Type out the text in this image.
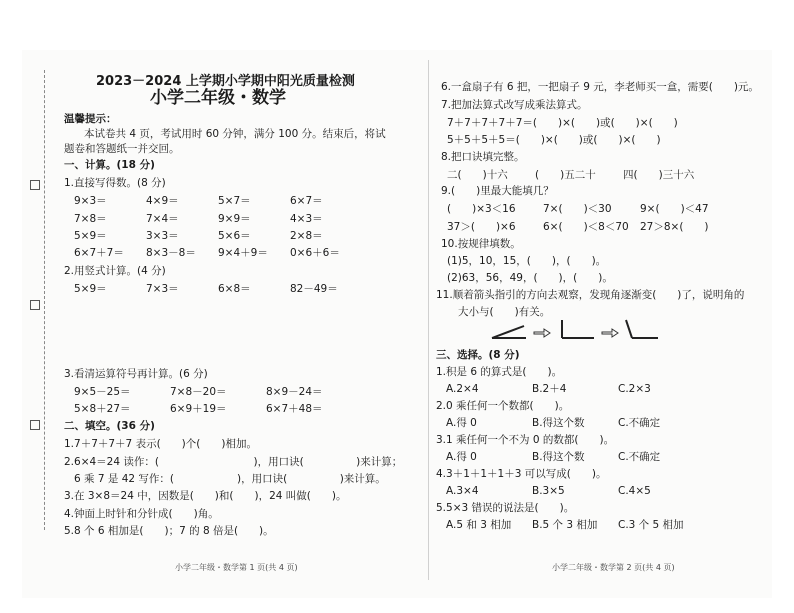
2023－2024 上学期小学期中阳光质量检测
小学二年级・数学
温馨提示：
本试卷共 4 页，考试用时 60 分钟，满分 100 分。结束后，将试
题卷和答题纸一并交回。
一、计算。(18 分)
1.直接写得数。(8 分)
9×3＝	4×9＝	5×7＝	6×7＝
7×8＝	7×4＝	9×9＝	4×3＝
5×9＝	3×3＝	5×6＝	2×8＝
6×7＋7＝ 8×3－8＝ 9×4＋9＝ 0×6＋6＝
2.用竖式计算。(4 分)
5×9＝	7×3＝	6×8＝	82－49＝
3.看清运算符号再计算。(6 分)
9×5－25＝	7×8－20＝	8×9－24＝
5×8＋27＝	6×9＋19＝	6×7＋48＝
二、填空。(36 分)
1.7＋7＋7＋7 表示(　　)个(　　)相加。
2.6×4＝24 读作：(　　　　　　　　　)，用口诀(　　　　　)来计算；
6 乘 7 是 42 写作：(　　　　　　)，用口诀(　　　　　)来计算。
3.在 3×8＝24 中，因数是(　　)和(　　)，24 叫做(　　)。
4.钟面上时针和分针成(　　)角。
5.8 个 6 相加是(　　)；7 的 8 倍是(　　)。
小学二年级・数学第 1 页(共 4 页)
6.一盒扇子有 6 把，一把扇子 9 元，李老师买一盒，需要(　　)元。
7.把加法算式改写成乘法算式。
7＋7＋7＋7＋7＝(　　)×(　　)或(　　)×(　　)
5＋5＋5＋5＝(　　)×(　　)或(　　)×(　　)
8.把口诀填完整。
二(　　)十六	(　　)五二十	四(　　)三十六
9.(　　)里最大能填几？
(　　)×3＜16	7×(　　)＜30	9×(　　)＜47
37＞(　　)×6	6×(　　)＜8＜70 27＞8×(　　)
10.按规律填数。
(1)5，10，15，(　　)，(　　)。
(2)63，56，49，(　　)，(　　)。
11.顺着箭头指引的方向去观察，发现角逐渐变(　　)了，说明角的
大小与(　　)有关。
三、选择。(8 分)
1.积是 6 的算式是(　　)。
A.2×4	B.2＋4	C.2×3
2.0 乘任何一个数都(　　)。
A.得 0	B.得这个数	C.不确定
3.1 乘任何一个不为 0 的数都(　　)。
A.得 0	B.得这个数	C.不确定
4.3＋1＋1＋1＋3 可以写成(　　)。
A.3×4	B.3×5	C.4×5
5.5×3 错误的说法是(　　)。
A.5 和 3 相加 B.5 个 3 相加 C.3 个 5 相加
小学二年级・数学第 2 页(共 4 页)
